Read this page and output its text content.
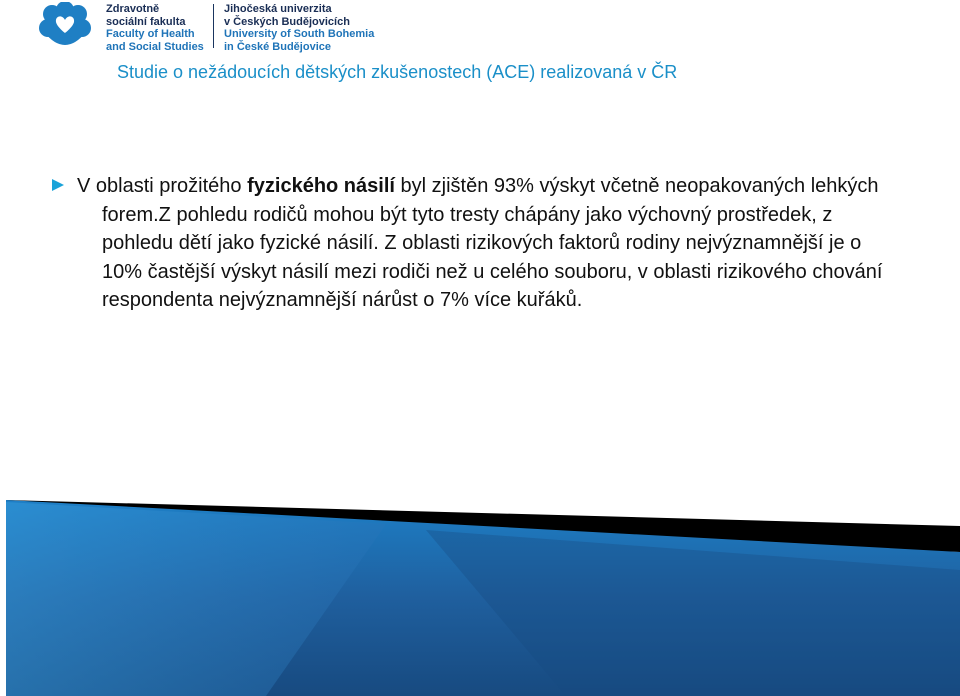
Zdravotně
sociální fakulta
Faculty of Health
and Social Studies
Jihočeská univerzita
v Českých Budějovicích
University of South Bohemia
in České Budějovice
Studie o nežádoucích dětských zkušenostech (ACE) realizovaná v ČR
V oblasti prožitého fyzického násilí byl zjištěn 93% výskyt včetně neopakovaných lehkých forem.Z pohledu rodičů mohou být tyto tresty chápány jako výchovný prostředek, z pohledu dětí jako fyzické násilí. Z oblasti rizikových faktorů rodiny nejvýznamnější je o 10% častější výskyt násilí mezi rodiči než u celého souboru, v oblasti rizikového chování respondenta nejvýznamnější nárůst o 7% více kuřáků.
